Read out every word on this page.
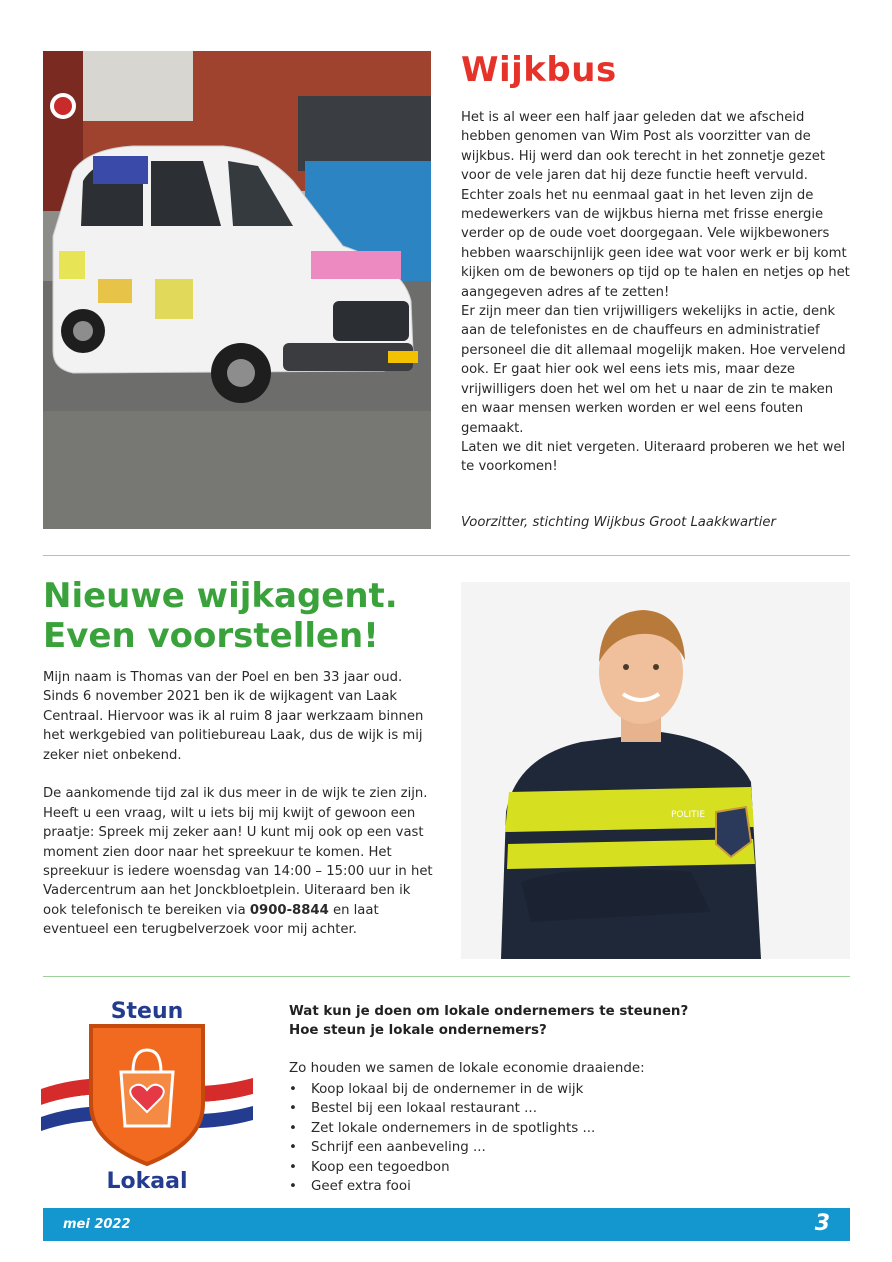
Wijkbus

Het is al weer een half jaar geleden dat we afscheid hebben genomen van Wim Post als voorzitter van de wijkbus. Hij werd dan ook terecht in het zonnetje gezet voor de vele jaren dat hij deze functie heeft vervuld. Echter zoals het nu eenmaal gaat in het leven zijn de medewerkers van de wijkbus hierna met frisse energie verder op de oude voet doorgegaan. Vele wijkbewoners hebben waarschijnlijk geen idee wat voor werk er bij komt kijken om de bewoners op tijd op te halen en netjes op het aangegeven adres af te zetten!

Er zijn meer dan tien vrijwilligers wekelijks in actie, denk aan de telefonistes en de chauffeurs en administratief personeel die dit allemaal mogelijk maken. Hoe vervelend ook. Er gaat hier ook wel eens iets mis, maar deze vrijwilligers doen het wel om het u naar de zin te maken en waar mensen werken worden er wel eens fouten gemaakt.

Laten we dit niet vergeten. Uiteraard proberen we het wel te voorkomen!

Voorzitter, stichting Wijkbus Groot Laakkwartier
Nieuwe wijkagent.
Even voorstellen!

Mijn naam is Thomas van der Poel en ben 33 jaar oud. Sinds 6 november 2021 ben ik de wijkagent van Laak Centraal. Hiervoor was ik al ruim 8 jaar werkzaam binnen het werkgebied van politiebureau Laak, dus de wijk is mij zeker niet onbekend.

De aankomende tijd zal ik dus meer in de wijk te zien zijn. Heeft u een vraag, wilt u iets bij mij kwijt of gewoon een praatje: Spreek mij zeker aan! U kunt mij ook op een vast moment zien door naar het spreekuur te komen. Het spreekuur is iedere woensdag van 14:00 – 15:00 uur in het Vadercentrum aan het Jonckbloetplein. Uiteraard ben ik ook telefonisch te bereiken via 0900-8844 en laat eventueel een terugbelverzoek voor mij achter.

POLITIE
Steun
Lokaal
Wat kun je doen om lokale ondernemers te steunen?
Hoe steun je lokale ondernemers?
Zo houden we samen de lokale economie draaiende:
• Koop lokaal bij de ondernemer in de wijk
• Bestel bij een lokaal restaurant ...
• Zet lokale ondernemers in de spotlights ...
• Schrijf een aanbeveling ...
• Koop een tegoedbon
• Geef extra fooi
mei 2022	3
